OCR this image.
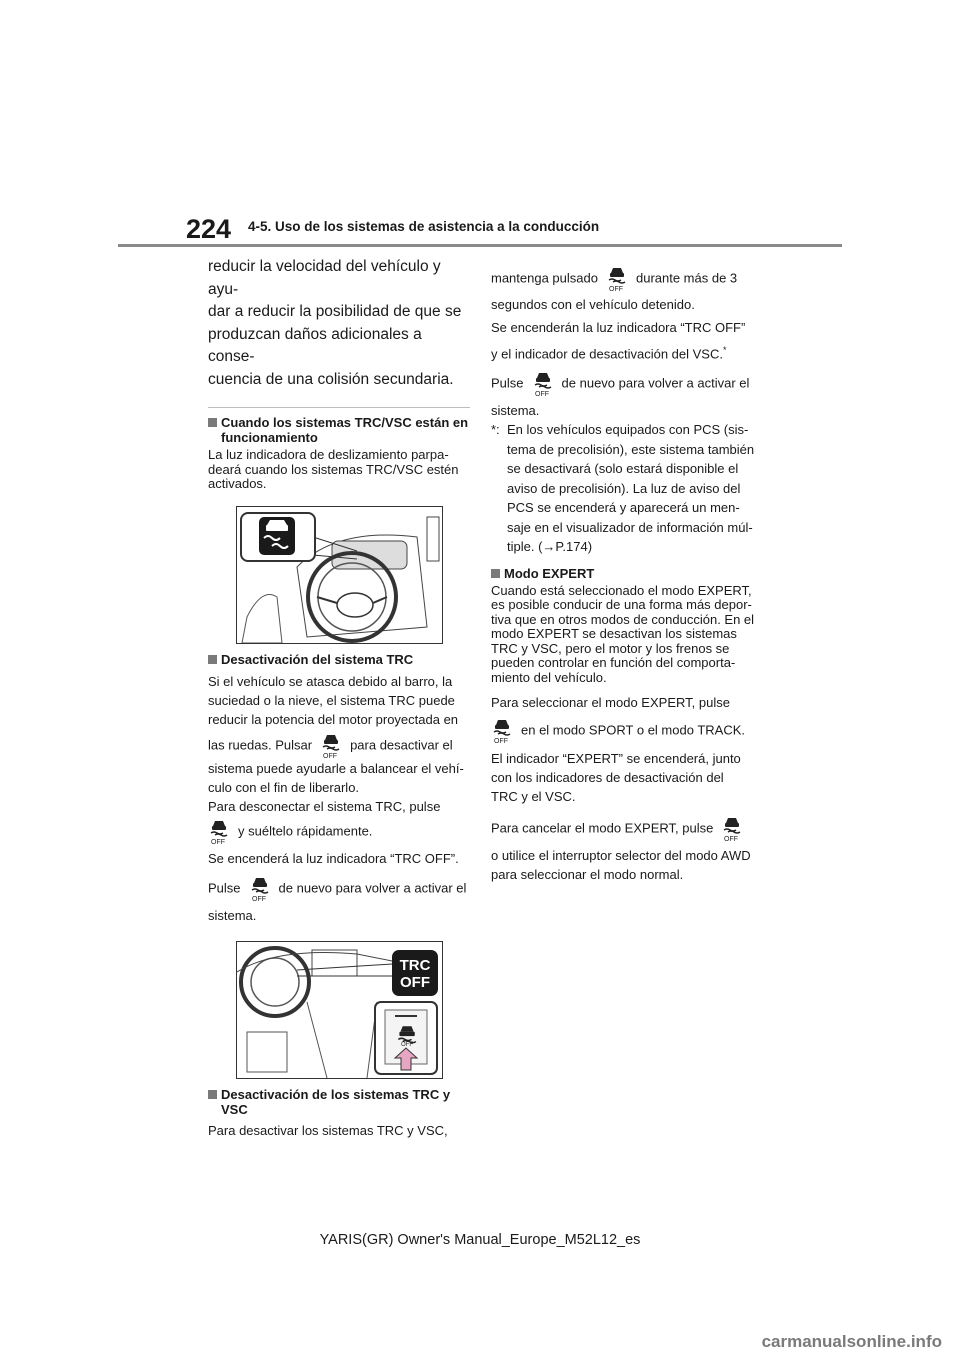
224 4-5. Uso de los sistemas de asistencia a la conducción

reducir la velocidad del vehículo y ayu-

dar a reducir la posibilidad de que se

produzcan daños adicionales a conse-

cuencia de una colisión secundaria.

Cuando los sistemas TRC/VSC están en funcionamiento

La luz indicadora de deslizamiento parpa-

deará cuando los sistemas TRC/VSC estén

activados.

Desactivación del sistema TRC

Si el vehículo se atasca debido al barro, la

suciedad o la nieve, el sistema TRC puede

reducir la potencia del motor proyectada en

las ruedas. Pulsar
OFF
para desactivar el

sistema puede ayudarle a balancear el vehí-

culo con el fin de liberarlo.

Para desconectar el sistema TRC, pulse

OFF
y suéltelo rápidamente.

Se encenderá la luz indicadora “TRC OFF”.

Pulse
OFF
de nuevo para volver a activar el

sistema.

TRC
OFF
OFF
Desactivación de los sistemas TRC y VSC

Para desactivar los sistemas TRC y VSC,

mantenga pulsado
OFF
durante más de 3

segundos con el vehículo detenido.

Se encenderán la luz indicadora “TRC OFF”

y el indicador de desactivación del VSC.*

Pulse
OFF
de nuevo para volver a activar el

sistema.

*: En los vehículos equipados con PCS (sis-
tema de precolisión), este sistema también
se desactivará (solo estará disponible el
aviso de precolisión). La luz de aviso del
PCS se encenderá y aparecerá un men-
saje en el visualizador de información múl-
tiple. (→P.174)
Modo EXPERT

Cuando está seleccionado el modo EXPERT,

es posible conducir de una forma más depor-

tiva que en otros modos de conducción. En el

modo EXPERT se desactivan los sistemas

TRC y VSC, pero el motor y los frenos se

pueden controlar en función del comporta-

miento del vehículo.

Para seleccionar el modo EXPERT, pulse

OFF
en el modo SPORT o el modo TRACK.

El indicador “EXPERT” se encenderá, junto

con los indicadores de desactivación del

TRC y el VSC.

Para cancelar el modo EXPERT, pulse
OFF

o utilice el interruptor selector del modo AWD

para seleccionar el modo normal.

YARIS(GR) Owner's Manual_Europe_M52L12_es
carmanualsonline.info
